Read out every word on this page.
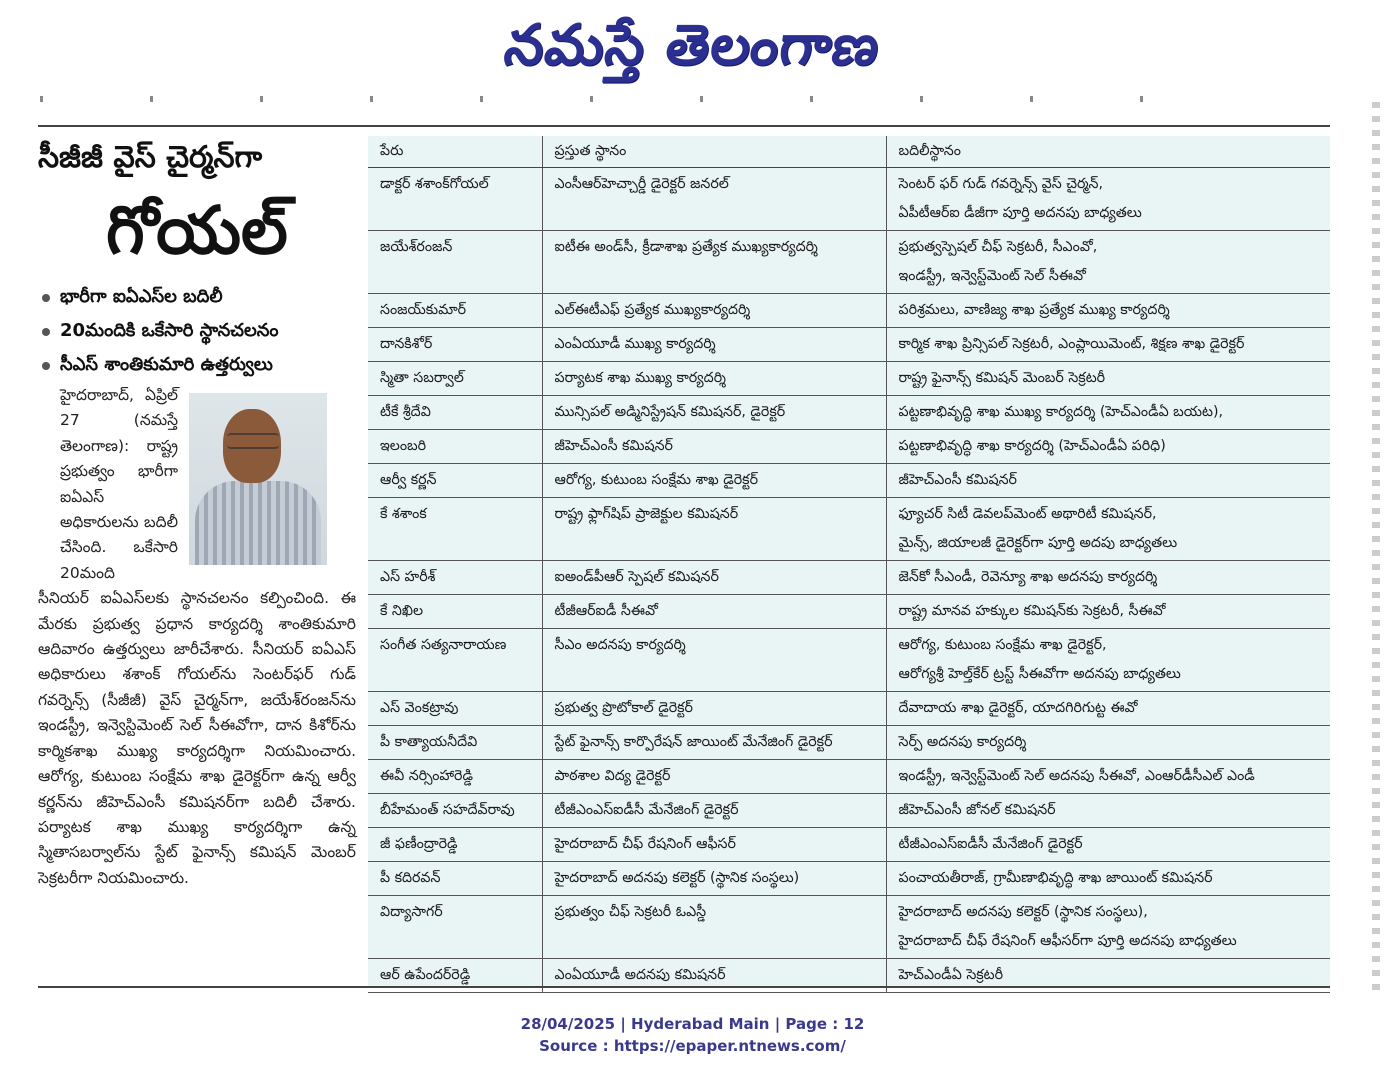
నమస్తే తెలంగాణ
సీజీజీ వైస్ చైర్మన్‌గా
గోయల్
భారీగా ఐఏఎస్‌ల బదిలీ
20మందికి ఒకేసారి స్థానచలనం
సీఎస్ శాంతికుమారి ఉత్తర్వులు

హైదరాబాద్, ఏప్రిల్ 27 (నమస్తే తెలంగాణ): రాష్ట్ర ప్రభుత్వం భారీగా ఐఏఎస్ అధికారులను బదిలీ చేసింది. ఒకేసారి 20మంది

సీనియర్ ఐఏఎస్‌లకు స్థానచలనం కల్పించింది. ఈ మేరకు ప్రభుత్వ ప్రధాన కార్యదర్శి శాంతికుమారి ఆదివారం ఉత్తర్వులు జారీచేశారు. సీనియర్ ఐఏఎస్ అధికారులు శశాంక్ గోయల్‌ను సెంటర్‌ఫర్ గుడ్ గవర్నెన్స్ (సీజీజీ) వైస్ చైర్మన్‌గా, జయేశ్‌రంజన్‌ను ఇండస్ట్రీ, ఇన్వెస్టిమెంట్ సెల్ సీఈవోగా, దాన కిశోర్‌ను కార్మికశాఖ ముఖ్య కార్యదర్శిగా నియమించారు. ఆరోగ్య, కుటుంబ సంక్షేమ శాఖ డైరెక్టర్‌గా ఉన్న ఆర్వీ కర్ణన్‌ను జీహెచ్‌ఎంసీ కమిషనర్‌గా బదిలీ చేశారు. పర్యాటక శాఖ ముఖ్య కార్యదర్శిగా ఉన్న స్మితాసబర్వాల్‌ను స్టేట్ ఫైనాన్స్ కమిషన్ మెంబర్ సెక్రటరీగా నియమించారు.

పేరు	ప్రస్తుత స్థానం	బదిలీస్థానం

డాక్టర్ శశాంక్‌గోయల్	ఎంసీఆర్‌హెచ్చార్డీ డైరెక్టర్ జనరల్	సెంటర్ ఫర్ గుడ్ గవర్నెన్స్ వైస్ చైర్మన్,
ఏపీటీఆర్ఐ డీజీగా పూర్తి అదనపు బాధ్యతలు

జయేశ్‌రంజన్	ఐటీఈ అండ్‌సీ, క్రీడాశాఖ ప్రత్యేక ముఖ్యకార్యదర్శి	ప్రభుత్వస్పెషల్ చీఫ్ సెక్రటరీ, సీఎంవో,
ఇండస్ట్రీ, ఇన్వెస్ట్‌మెంట్ సెల్ సీఈవో

సంజయ్‌కుమార్	ఎల్‌ఈటీఎఫ్ ప్రత్యేక ముఖ్యకార్యదర్శి	పరిశ్రమలు, వాణిజ్య శాఖ ప్రత్యేక ముఖ్య కార్యదర్శి

దానకిశోర్	ఎంఏయూడీ ముఖ్య కార్యదర్శి	కార్మిక శాఖ ప్రిన్సిపల్ సెక్రటరీ, ఎంప్లాయిమెంట్, శిక్షణ శాఖ డైరెక్టర్

స్మితా సబర్వాల్	పర్యాటక శాఖ ముఖ్య కార్యదర్శి	రాష్ట్ర ఫైనాన్స్ కమిషన్ మెంబర్ సెక్రటరీ

టీకే శ్రీదేవి	మున్సిపల్ అడ్మినిస్ట్రేషన్ కమిషనర్, డైరెక్టర్	పట్టణాభివృద్ధి శాఖ ముఖ్య కార్యదర్శి (హెచ్‌ఎండీఏ బయట),

ఇలంబరి	జీహెచ్‌ఎంసీ కమిషనర్	పట్టణాభివృద్ధి శాఖ కార్యదర్శి (హెచ్‌ఎండీఏ పరిధి)

ఆర్వీ కర్ణన్	ఆరోగ్య, కుటుంబ సంక్షేమ శాఖ డైరెక్టర్	జీహెచ్‌ఎంసీ కమిషనర్

కే శశాంక	రాష్ట్ర ఫ్లాగ్‌షిప్ ప్రాజెక్టుల కమిషనర్	ఫ్యూచర్ సిటీ డెవలప్‌మెంట్ అథారిటీ కమిషనర్,
మైన్స్, జియాలజీ డైరెక్టర్‌గా పూర్తి అదపు బాధ్యతలు

ఎస్ హరీశ్	ఐఅండ్‌పీఆర్ స్పెషల్ కమిషనర్	జెన్‌కో సీఎండీ, రెవెన్యూ శాఖ అదనపు కార్యదర్శి

కే నిఖిల	టీజీఆర్‌ఐడీ సీఈవో	రాష్ట్ర మానవ హక్కుల కమిషన్‌కు సెక్రటరీ, సీఈవో

సంగీత సత్యనారాయణ	సీఎం అదనపు కార్యదర్శి	ఆరోగ్య, కుటుంబ సంక్షేమ శాఖ డైరెక్టర్,
ఆరోగ్యశ్రీ హెల్త్‌కేర్ ట్రస్ట్ సీఈవోగా అదనపు బాధ్యతలు

ఎస్ వెంకట్రావు	ప్రభుత్వ ప్రొటోకాల్ డైరెక్టర్	దేవాదాయ శాఖ డైరెక్టర్, యాదగిరిగుట్ట ఈవో

పీ కాత్యాయనీదేవి	స్టేట్ ఫైనాన్స్ కార్పొరేషన్ జాయింట్ మేనేజింగ్ డైరెక్టర్	సెర్ప్ అదనపు కార్యదర్శి

ఈవీ నర్సింహారెడ్డి	పాఠశాల విద్య డైరెక్టర్	ఇండస్ట్రీ, ఇన్వెస్ట్‌మెంట్ సెల్ అదనపు సీఈవో, ఎంఆర్‌డీసీఎల్ ఎండీ

బీహేమంత్ సహదేవ్‌రావు	టీజీఎంఎస్ఐడీసీ మేనేజింగ్ డైరెక్టర్	జీహెచ్‌ఎంసీ జోనల్ కమిషనర్

జీ ఫణీంద్రారెడ్డి	హైదరాబాద్ చీఫ్ రేషనింగ్ ఆఫీసర్	టీజీఎంఎస్ఐడీసీ మేనేజింగ్ డైరెక్టర్

పీ కదిరవన్	హైదరాబాద్ అదనపు కలెక్టర్ (స్థానిక సంస్థలు)	పంచాయతీరాజ్, గ్రామీణాభివృద్ధి శాఖ జాయింట్ కమిషనర్

విద్యాసాగర్	ప్రభుత్వం చీఫ్ సెక్రటరీ ఓఎస్డీ	హైదరాబాద్ అదనపు కలెక్టర్ (స్థానిక సంస్థలు),
హైదరాబాద్ చీఫ్ రేషనింగ్ ఆఫీసర్‌గా పూర్తి అదనపు బాధ్యతలు

ఆర్ ఉపేందర్‌రెడ్డి	ఎంఏయూడీ అదనపు కమిషనర్	హెచ్‌ఎండీఏ సెక్రటరీ
28/04/2025 | Hyderabad Main | Page : 12
Source : https://epaper.ntnews.com/
